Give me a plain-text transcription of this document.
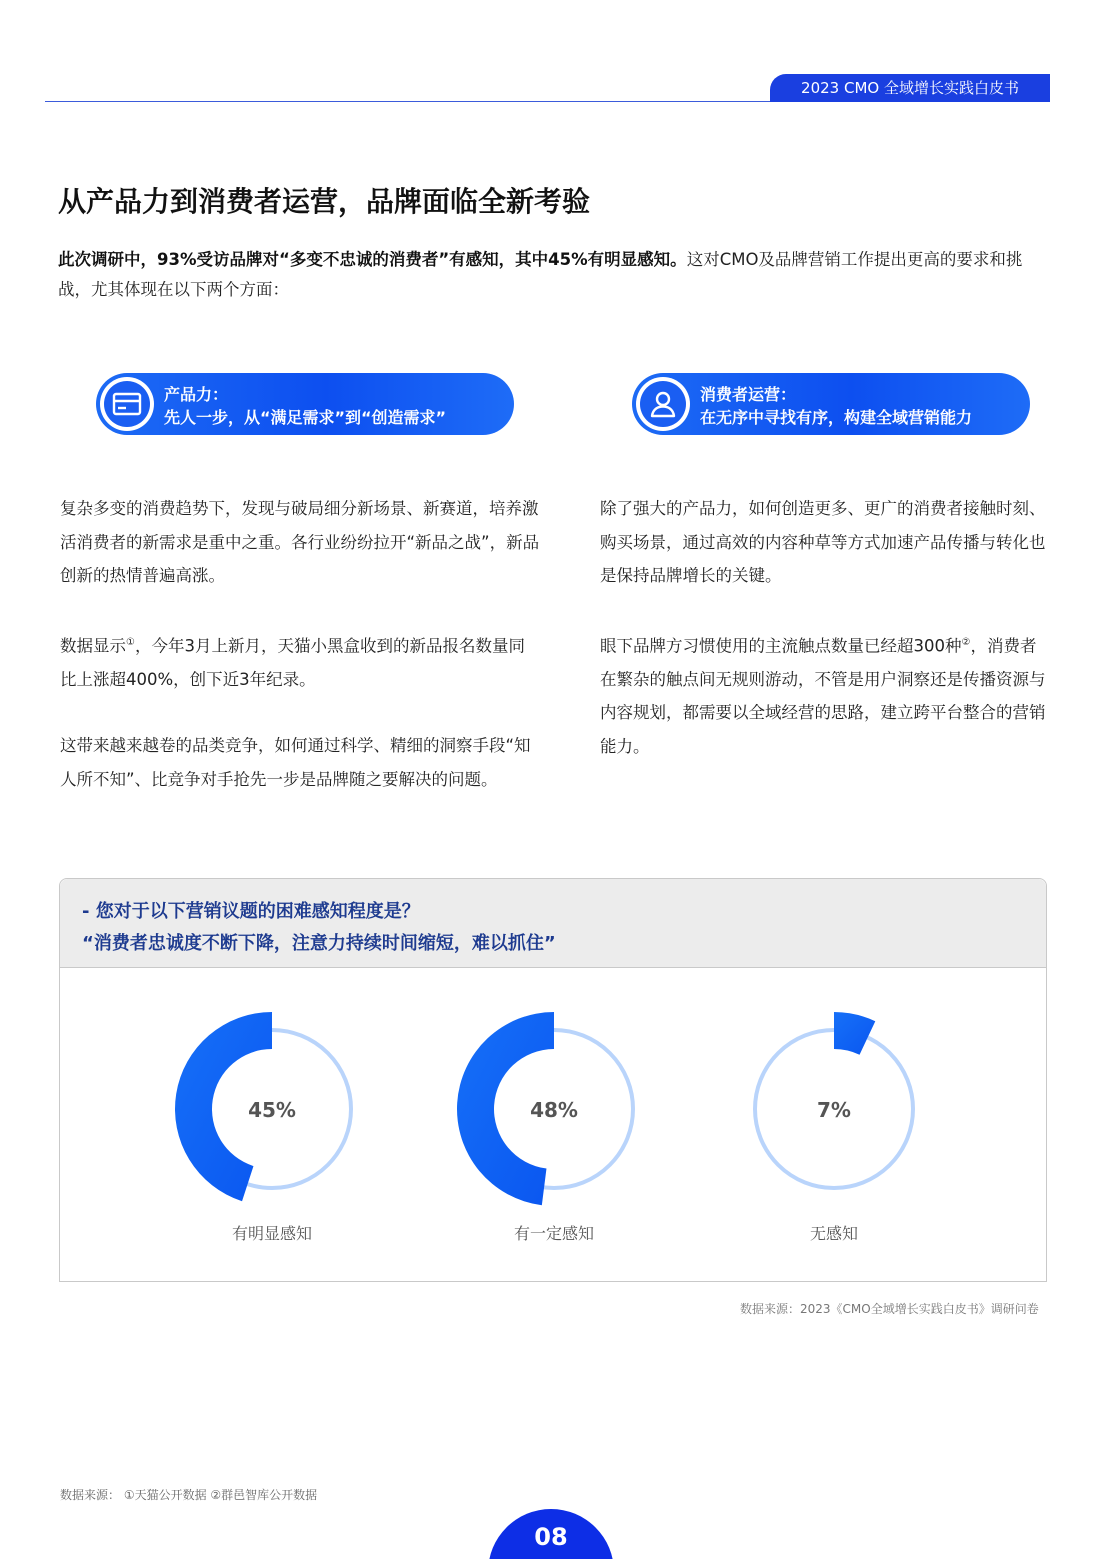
2023 CMO 全域增长实践白皮书
从产品力到消费者运营，品牌面临全新考验
此次调研中，93%受访品牌对“多变不忠诚的消费者”有感知，其中45%有明显感知。这对CMO及品牌营销工作提出更高的要求和挑战，尤其体现在以下两个方面：
产品力：
先人一步，从“满足需求”到“创造需求”
消费者运营：
在无序中寻找有序，构建全域营销能力

复杂多变的消费趋势下，发现与破局细分新场景、新赛道，培养激活消费者的新需求是重中之重。各行业纷纷拉开“新品之战”，新品创新的热情普遍高涨。

数据显示①，今年3月上新月，天猫小黑盒收到的新品报名数量同比上涨超400%，创下近3年纪录。

这带来越来越卷的品类竞争，如何通过科学、精细的洞察手段“知人所不知”、比竞争对手抢先一步是品牌随之要解决的问题。

除了强大的产品力，如何创造更多、更广的消费者接触时刻、购买场景，通过高效的内容种草等方式加速产品传播与转化也是保持品牌增长的关键。

眼下品牌方习惯使用的主流触点数量已经超300种②，消费者在繁杂的触点间无规则游动，不管是用户洞察还是传播资源与内容规划，都需要以全域经营的思路，建立跨平台整合的营销能力。

- 您对于以下营销议题的困难感知程度是？
“消费者忠诚度不断下降，注意力持续时间缩短，难以抓住”
45%
有明显感知
48%
有一定感知
7%
无感知
数据来源：2023《CMO全域增长实践白皮书》调研问卷
数据来源： ①天猫公开数据 ②群邑智库公开数据
08
